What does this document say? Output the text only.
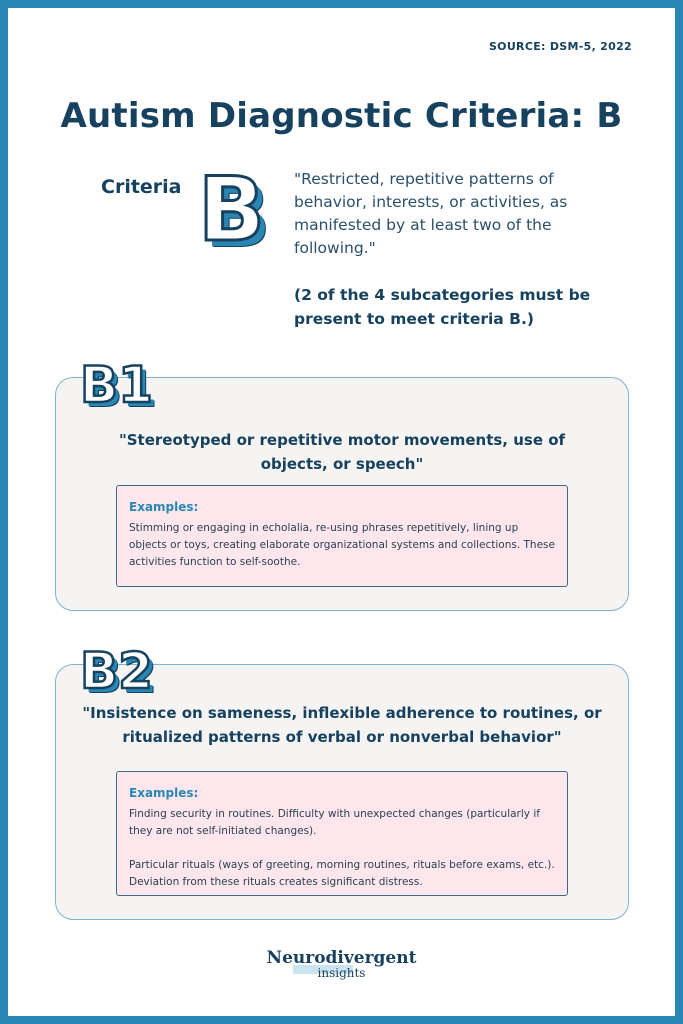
SOURCE: DSM-5, 2022
Autism Diagnostic Criteria: B
Criteria B "Restricted, repetitive patterns of behavior, interests, or activities, as manifested by at least two of the following."
(2 of the 4 subcategories must be present to meet criteria B.)
"Stereotyped or repetitive motor movements, use of objects, or speech"
Examples:

Stimming or engaging in echolalia, re-using phrases repetitively, lining up objects or toys, creating elaborate organizational systems and collections. These activities function to self-soothe.

B1
"Insistence on sameness, inflexible adherence to routines, or ritualized patterns of verbal or nonverbal behavior"
Examples:

Finding security in routines. Difficulty with unexpected changes (particularly if they are not self-initiated changes).

Particular rituals (ways of greeting, morning routines, rituals before exams, etc.). Deviation from these rituals creates significant distress.

B2
Neurodivergent
insights
